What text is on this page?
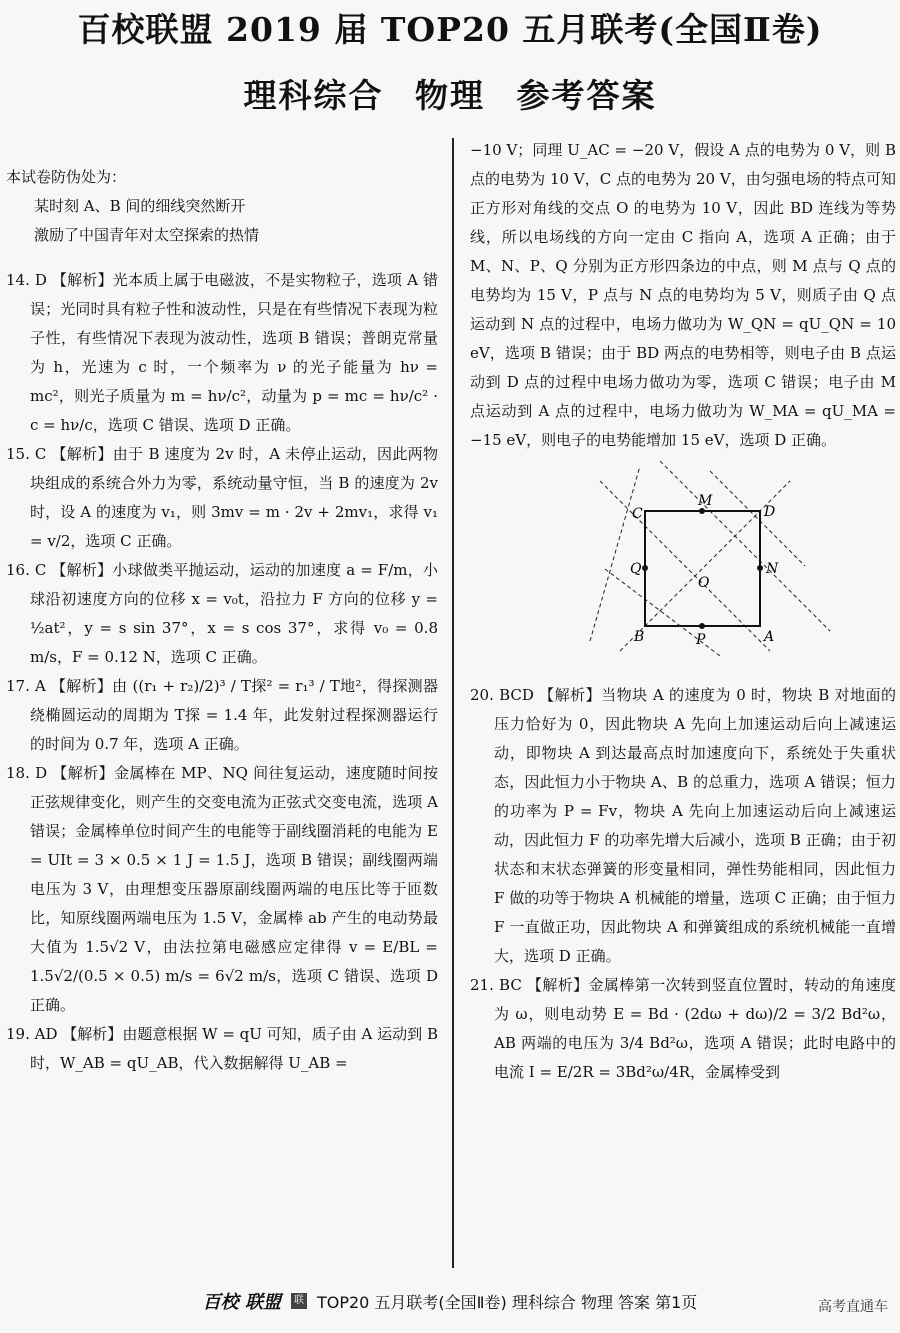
百校联盟 2019 届 TOP20 五月联考(全国Ⅱ卷)
理科综合 物理 参考答案

本试卷防伪处为：

某时刻 A、B 间的细线突然断开

激励了中国青年对太空探索的热情

14. D 【解析】光本质上属于电磁波，不是实物粒子，选项 A 错误；光同时具有粒子性和波动性，只是在有些情况下表现为粒子性，有些情况下表现为波动性，选项 B 错误；普朗克常量为 h，光速为 c 时，一个频率为 ν 的光子能量为 hν = mc²，则光子质量为 m = hν/c²，动量为 p = mc = hν/c² · c = hν/c，选项 C 错误、选项 D 正确。

15. C 【解析】由于 B 速度为 2v 时，A 未停止运动，因此两物块组成的系统合外力为零，系统动量守恒，当 B 的速度为 2v 时，设 A 的速度为 v₁，则 3mv = m · 2v + 2mv₁，求得 v₁ = v/2，选项 C 正确。

16. C 【解析】小球做类平抛运动，运动的加速度 a = F/m，小球沿初速度方向的位移 x = v₀t，沿拉力 F 方向的位移 y = ½at²，y = s sin 37°，x = s cos 37°，求得 v₀ = 0.8 m/s，F = 0.12 N，选项 C 正确。

17. A 【解析】由 ((r₁ + r₂)/2)³ / T探² = r₁³ / T地²，得探测器绕椭圆运动的周期为 T探 = 1.4 年，此发射过程探测器运行的时间为 0.7 年，选项 A 正确。

18. D 【解析】金属棒在 MP、NQ 间往复运动，速度随时间按正弦规律变化，则产生的交变电流为正弦式交变电流，选项 A 错误；金属棒单位时间产生的电能等于副线圈消耗的电能为 E = UIt = 3 × 0.5 × 1 J = 1.5 J，选项 B 错误；副线圈两端电压为 3 V，由理想变压器原副线圈两端的电压比等于匝数比，知原线圈两端电压为 1.5 V，金属棒 ab 产生的电动势最大值为 1.5√2 V，由法拉第电磁感应定律得 v = E/BL = 1.5√2/(0.5 × 0.5) m/s = 6√2 m/s，选项 C 错误、选项 D 正确。

19. AD 【解析】由题意根据 W = qU 可知，质子由 A 运动到 B 时，W_AB = qU_AB，代入数据解得 U_AB =

−10 V；同理 U_AC = −20 V，假设 A 点的电势为 0 V，则 B 点的电势为 10 V，C 点的电势为 20 V，由匀强电场的特点可知正方形对角线的交点 O 的电势为 10 V，因此 BD 连线为等势线，所以电场线的方向一定由 C 指向 A，选项 A 正确；由于 M、N、P、Q 分别为正方形四条边的中点，则 M 点与 Q 点的电势均为 15 V，P 点与 N 点的电势均为 5 V，则质子由 Q 点运动到 N 点的过程中，电场力做功为 W_QN = qU_QN = 10 eV，选项 B 错误；由于 BD 两点的电势相等，则电子由 B 点运动到 D 点的过程中电场力做功为零，选项 C 错误；电子由 M 点运动到 A 点的过程中，电场力做功为 W_MA = qU_MA = −15 eV，则电子的电势能增加 15 eV，选项 D 正确。

C	D
A
B
M
N
P
Q
O

20. BCD 【解析】当物块 A 的速度为 0 时，物块 B 对地面的压力恰好为 0，因此物块 A 先向上加速运动后向上减速运动，即物块 A 到达最高点时加速度向下，系统处于失重状态，因此恒力小于物块 A、B 的总重力，选项 A 错误；恒力的功率为 P = Fv，物块 A 先向上加速运动后向上减速运动，因此恒力 F 的功率先增大后减小，选项 B 正确；由于初状态和末状态弹簧的形变量相同，弹性势能相同，因此恒力 F 做的功等于物块 A 机械能的增量，选项 C 正确；由于恒力 F 一直做正功，因此物块 A 和弹簧组成的系统机械能一直增大，选项 D 正确。

21. BC 【解析】金属棒第一次转到竖直位置时，转动的角速度为 ω，则电动势 E = Bd · (2dω + dω)/2 = 3/2 Bd²ω，AB 两端的电压为 3/4 Bd²ω，选项 A 错误；此时电路中的电流 I = E/2R = 3Bd²ω/4R，金属棒受到

百校 联盟	联 TOP20 五月联考(全国Ⅱ卷) 理科综合 物理 答案 第1页	高考直通车
